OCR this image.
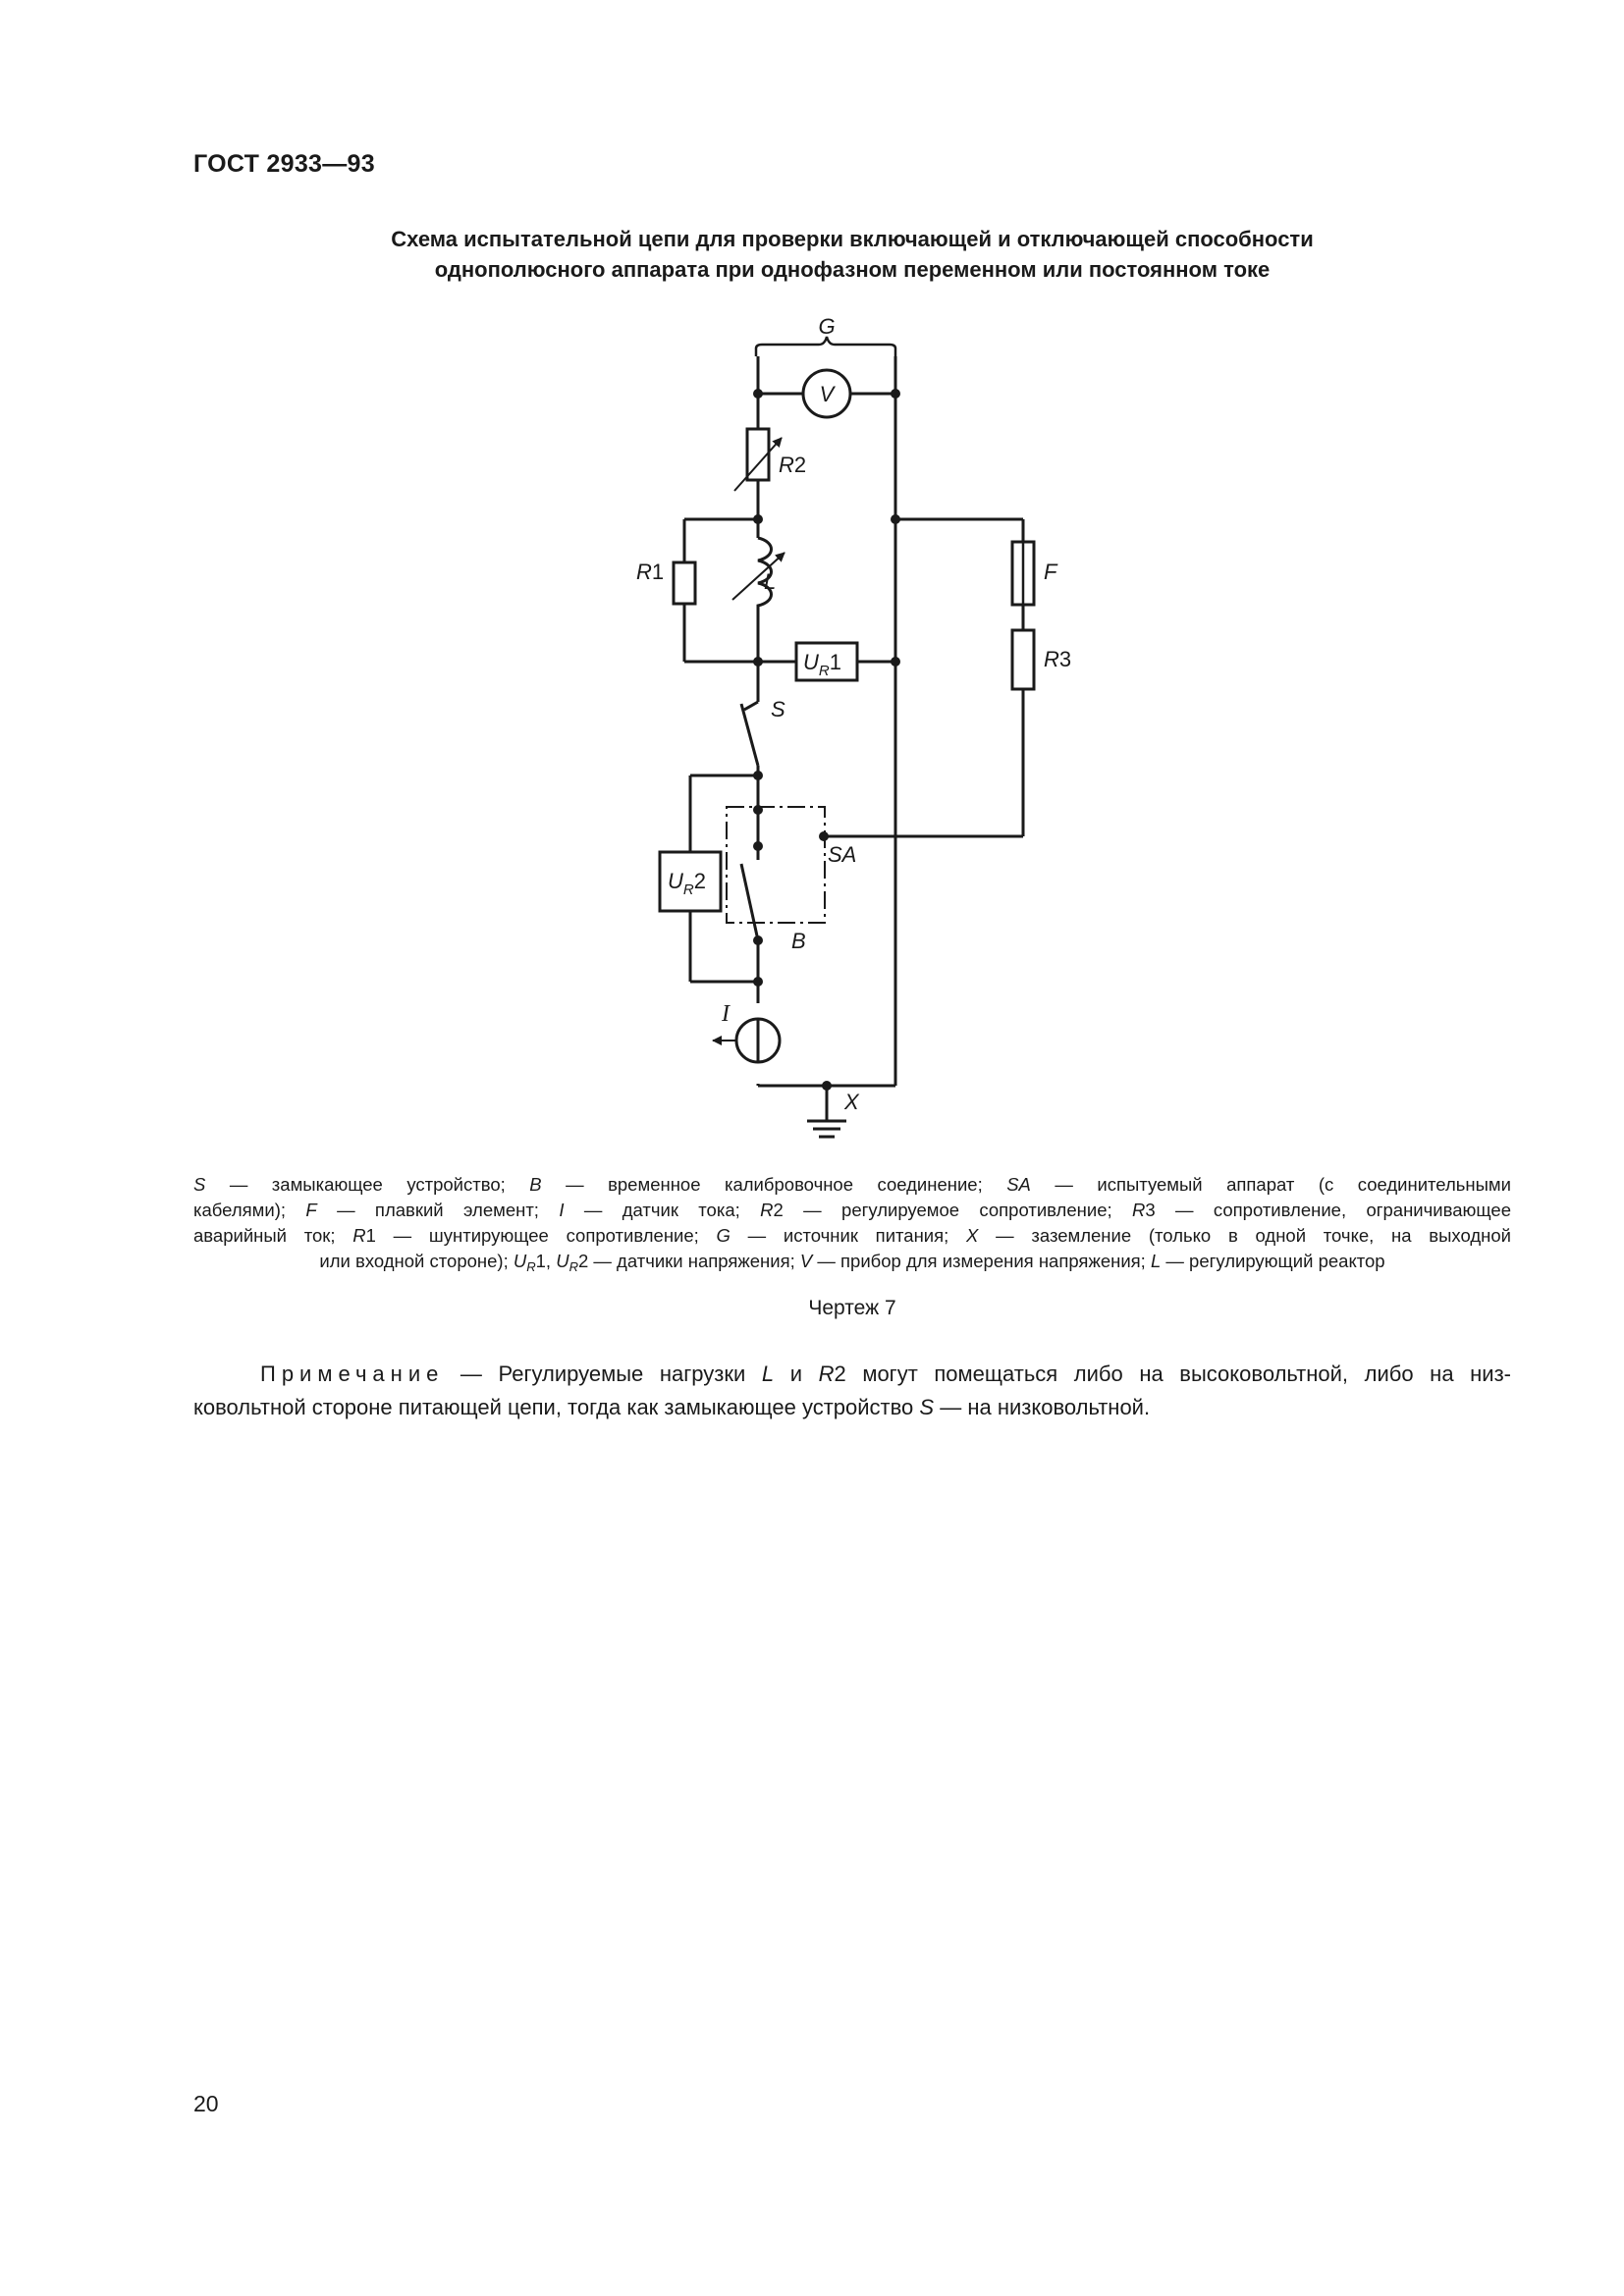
ГОСТ 2933—93
Схема испытательной цепи для проверки включающей и отключающей способности
однополюсного аппарата при однофазном переменном или постоянном токе
G
V
R2
R1	L
$U_R1$
F
R3
S
SA
B
$U_R2$
I
X
S — замыкающее устройство; B — временное калибровочное соединение; SA — испытуемый аппарат (с соединительными
кабелями); F — плавкий элемент; I — датчик тока; R2 — регулируемое сопротивление; R3 — сопротивление, ограничивающее
аварийный ток; R1 — шунтирующее сопротивление; G — источник питания; X — заземление (только в одной точке, на выходной
или входной стороне); $U_R1$, $U_R2$ — датчики напряжения; V — прибор для измерения напряжения; L — регулирующий реактор
Чертеж 7
Примечание — Регулируемые нагрузки L и R2 могут помещаться либо на высоковольтной, либо на низ-
ковольтной стороне питающей цепи, тогда как замыкающее устройство S — на низковольтной.
20
